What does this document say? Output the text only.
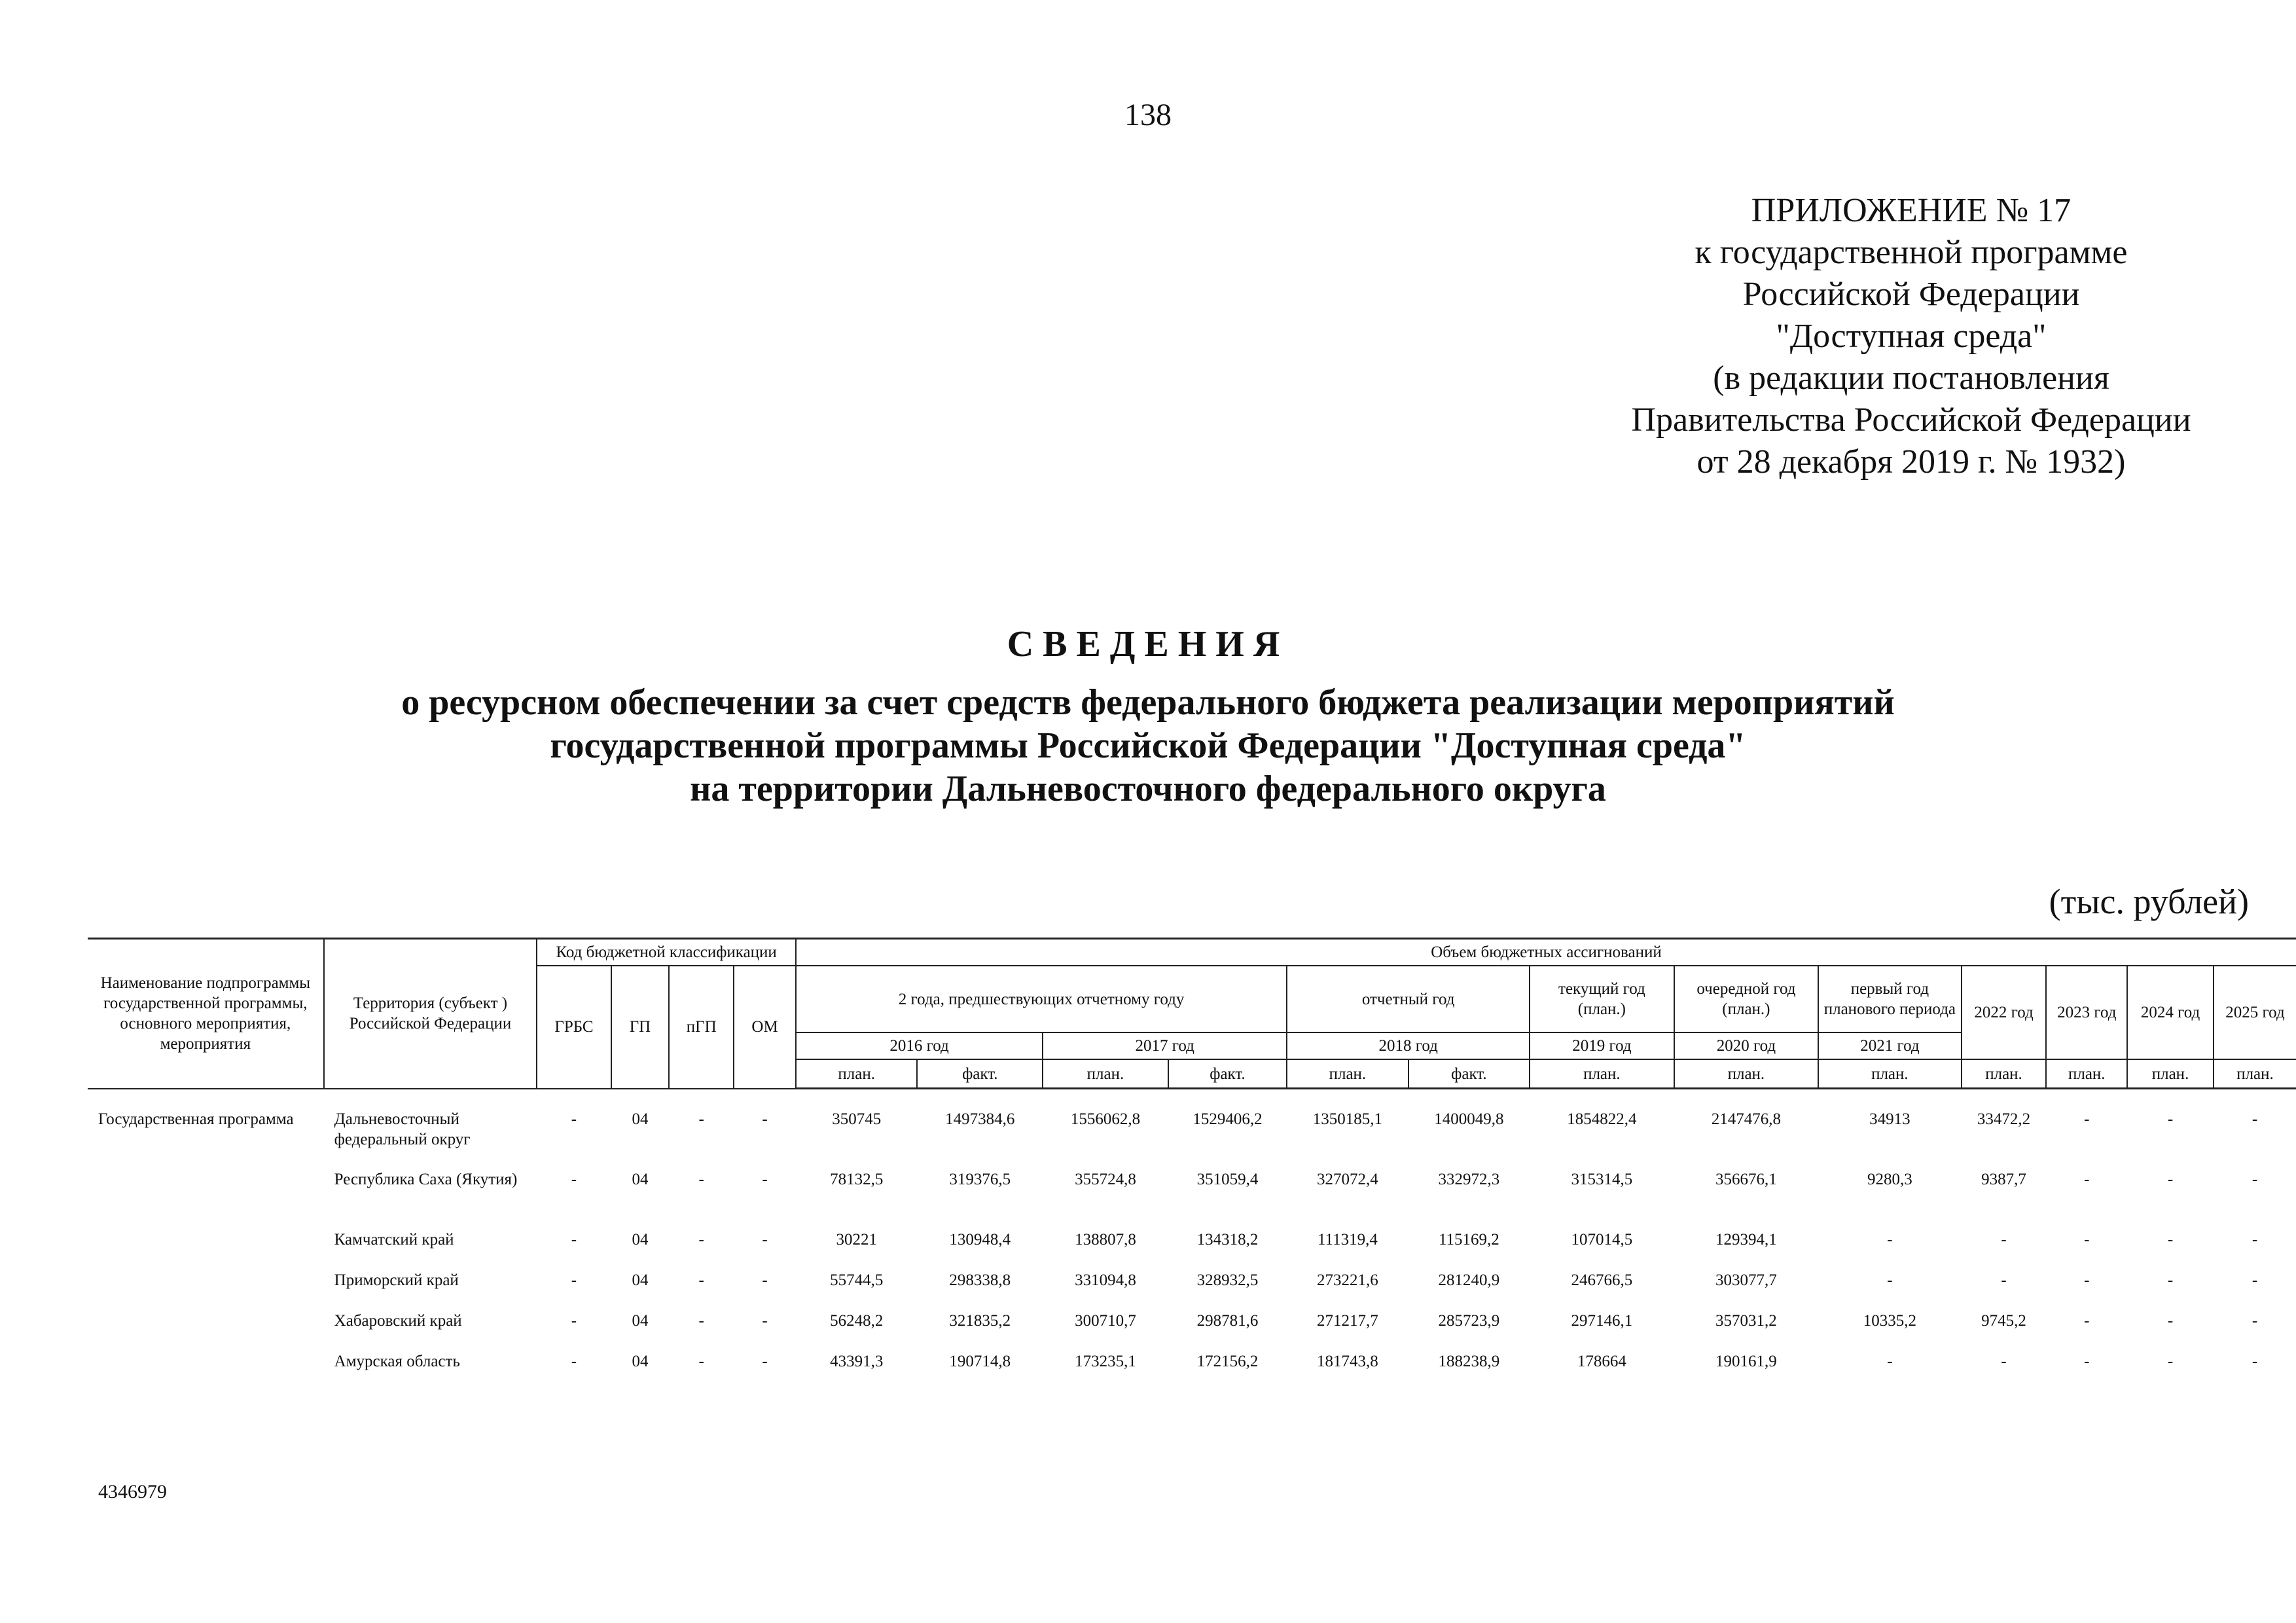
138
ПРИЛОЖЕНИЕ № 17
к государственной программе
Российской Федерации
"Доступная среда"
(в редакции постановления
Правительства Российской Федерации
от 28 декабря 2019 г. № 1932)
СВЕДЕНИЯ
о ресурсном обеспечении за счет средств федерального бюджета реализации мероприятий
государственной программы Российской Федерации "Доступная среда"
на территории Дальневосточного федерального округа
(тыс. рублей)
Наименование подпрограммы государственной программы, основного мероприятия, мероприятия	Территория (субъект ) Российской Федерации	Код бюджетной классификации				Объем бюджетных ассигнований												
		ГРБС	ГП	пГП	ОМ	2 года, предшествующих отчетному году				отчетный год		текущий год (план.)	очередной год (план.)	первый год планового периода	2022 год	2023 год	2024 год	2025 год
						2016 год		2017 год		2018 год		2019 год	2020 год	2021 год				
						план.	факт.	план.	факт.	план.	факт.	план.	план.	план.	план.	план.	план.	план.
Государственная программа	Дальневосточный федеральный округ	-	04	-	-	350745	1497384,6	1556062,8	1529406,2	1350185,1	1400049,8	1854822,4	2147476,8	34913	33472,2	-	-	-
	Республика Саха (Якутия)	-	04	-	-	78132,5	319376,5	355724,8	351059,4	327072,4	332972,3	315314,5	356676,1	9280,3	9387,7	-	-	-
	Камчатский край	-	04	-	-	30221	130948,4	138807,8	134318,2	111319,4	115169,2	107014,5	129394,1	-	-	-	-	-
	Приморский край	-	04	-	-	55744,5	298338,8	331094,8	328932,5	273221,6	281240,9	246766,5	303077,7	-	-	-	-	-
	Хабаровский край	-	04	-	-	56248,2	321835,2	300710,7	298781,6	271217,7	285723,9	297146,1	357031,2	10335,2	9745,2	-	-	-
	Амурская область	-	04	-	-	43391,3	190714,8	173235,1	172156,2	181743,8	188238,9	178664	190161,9	-	-	-	-	-
4346979
